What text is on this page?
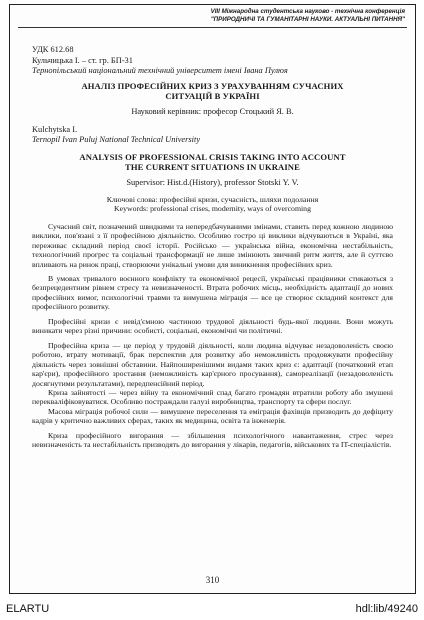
VIII Міжнародна студентська науково - технічна конференція
"ПРИРОДНИЧІ ТА ГУМАНІТАРНІ НАУКИ. АКТУАЛЬНІ ПИТАННЯ"
УДК 612.68
Кульчицька І. – ст. гр. БП-31
Тернопільський національний технічний університет імені Івана Пулюя
АНАЛІЗ ПРОФЕСІЙНИХ КРИЗ З УРАХУВАННЯМ СУЧАСНИХ
СИТУАЦІЙ В УКРАЇНІ
Науковий керівник: професор Стоцький Я. В.
Kulchytska I.
Ternopil Ivan Puluj National Technical University
ANALYSIS OF PROFESSIONAL CRISIS TAKING INTO ACCOUNT
THE CURRENT SITUATIONS IN UKRAINE
Supervisor: Hist.d.(History), professor Stotski Y. V.
Ключові слова: професійні кризи, сучасність, шляхи подолання
Keywords: professional crises, modernity, ways of overcoming

Сучасний світ, позначений швидкими та непередбачуваними змінами, ставить перед кожною людиною виклики, пов'язані з її професійною діяльністю. Особливо гостро ці виклики відчуваються в Україні, яка переживає складний період своєї історії. Російсько — українська війна, економічна нестабільність, технологічний прогрес та соціальні трансформації не лише змінюють звичний ритм життя, але й суттєво впливають на ринок праці, створюючи унікальні умови для виникнення професійних криз.

В умовах тривалого воєнного конфлікту та економічної рецесії, українські працівники стикаються з безпрецедентним рівнем стресу та невизначеності. Втрата робочих місць, необхідність адаптації до нових професійних вимог, психологічні травми та вимушена міграція — все це створює складний контекст для професійного розвитку.

Професійні кризи є невід'ємною частиною трудової діяльності будь-якої людини. Вони можуть виникати через різні причини: особисті, соціальні, економічні чи політичні.

Професійна криза — це період у трудовій діяльності, коли людина відчуває незадоволеність своєю роботою, втрату мотивації, брак перспектив для розвитку або неможливість продовжувати професійну діяльність через зовнішні обставини. Найпоширенішими видами таких криз є: адаптації (початковий етап кар'єри), професійного зростання (неможливість кар'єрного просування), самореалізації (незадоволеність досягнутими результатами), передпенсійний період.

Криза зайнятості — через війну та економічний спад багато громадян втратили роботу або змушені перекваліфіковуватися. Особливо постраждали галузі виробництва, транспорту та сфери послуг.

Масова міграція робочої сили — вимушене переселення та еміграція фахівців призводить до дефіциту кадрів у критично важливих сферах, таких як медицина, освіта та інженерія.

Криза професійного вигорання — збільшення психологічного навантаження, стрес через невизначеність та нестабільність призводять до вигорання у лікарів, педагогів, військових та IT-спеціалістів.

310
ELARTU	hdl:lib/49240
